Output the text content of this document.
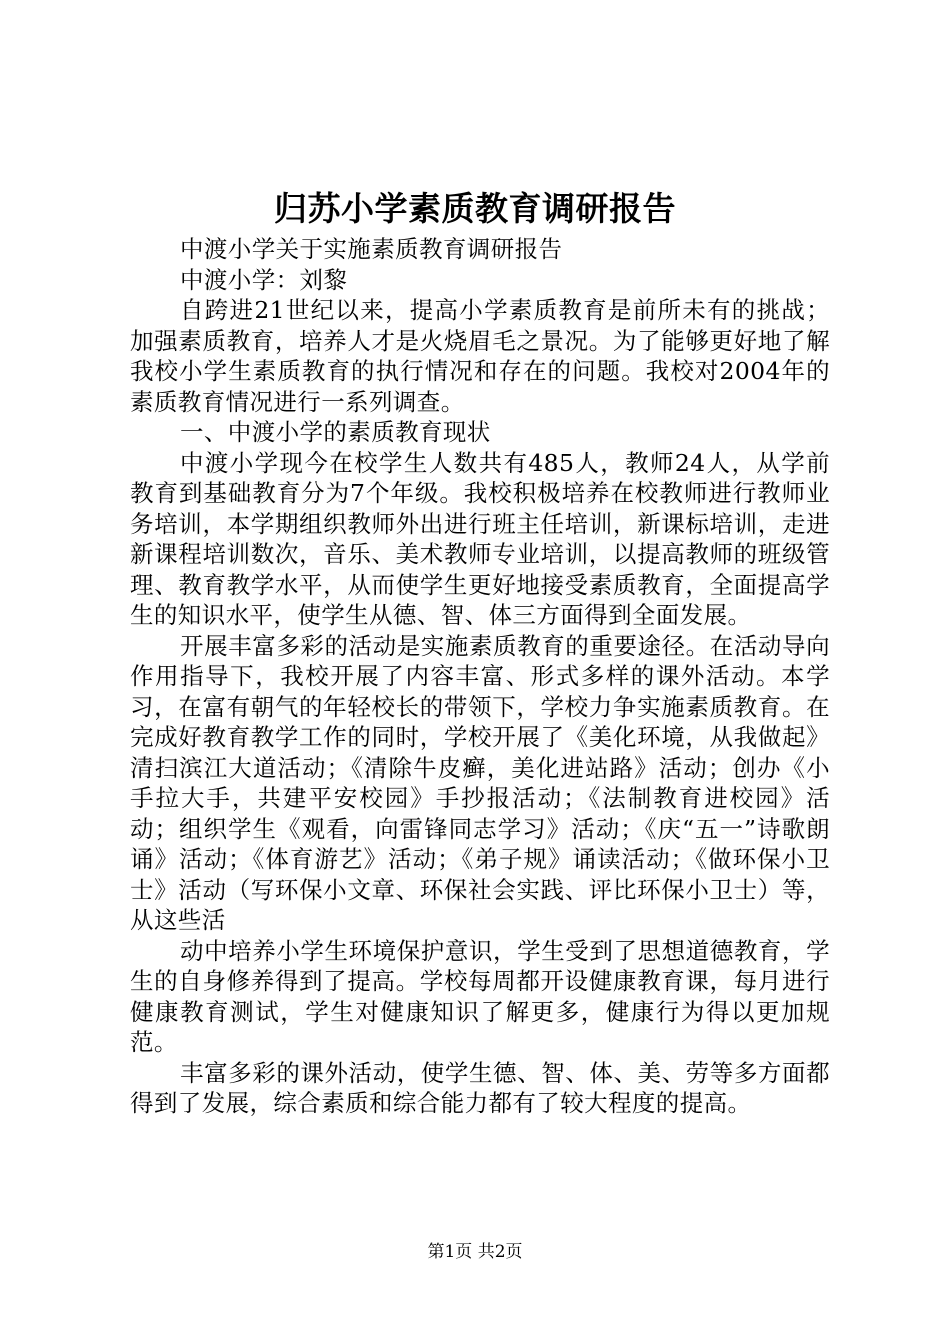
归苏小学素质教育调研报告

中渡小学关于实施素质教育调研报告

中渡小学：刘黎

自跨进21世纪以来，提高小学素质教育是前所未有的挑战；加强素质教育，培养人才是火烧眉毛之景况。为了能够更好地了解我校小学生素质教育的执行情况和存在的问题。我校对2004年的素质教育情况进行一系列调查。

一、中渡小学的素质教育现状

中渡小学现今在校学生人数共有485人，教师24人，从学前教育到基础教育分为7个年级。我校积极培养在校教师进行教师业务培训，本学期组织教师外出进行班主任培训，新课标培训，走进新课程培训数次，音乐、美术教师专业培训，以提高教师的班级管理、教育教学水平，从而使学生更好地接受素质教育，全面提高学生的知识水平，使学生从德、智、体三方面得到全面发展。

开展丰富多彩的活动是实施素质教育的重要途径。在活动导向作用指导下，我校开展了内容丰富、形式多样的课外活动。本学习，在富有朝气的年轻校长的带领下，学校力争实施素质教育。在完成好教育教学工作的同时，学校开展了《美化环境，从我做起》清扫滨江大道活动；《清除牛皮癣，美化进站路》活动；创办《小手拉大手，共建平安校园》手抄报活动；《法制教育进校园》活动；组织学生《观看，向雷锋同志学习》活动；《庆“五一”诗歌朗诵》活动；《体育游艺》活动；《弟子规》诵读活动；《做环保小卫士》活动（写环保小文章、环保社会实践、评比环保小卫士）等，从这些活

动中培养小学生环境保护意识，学生受到了思想道德教育，学生的自身修养得到了提高。学校每周都开设健康教育课，每月进行健康教育测试，学生对健康知识了解更多，健康行为得以更加规范。

丰富多彩的课外活动，使学生德、智、体、美、劳等多方面都得到了发展，综合素质和综合能力都有了较大程度的提高。

第1页 共2页
